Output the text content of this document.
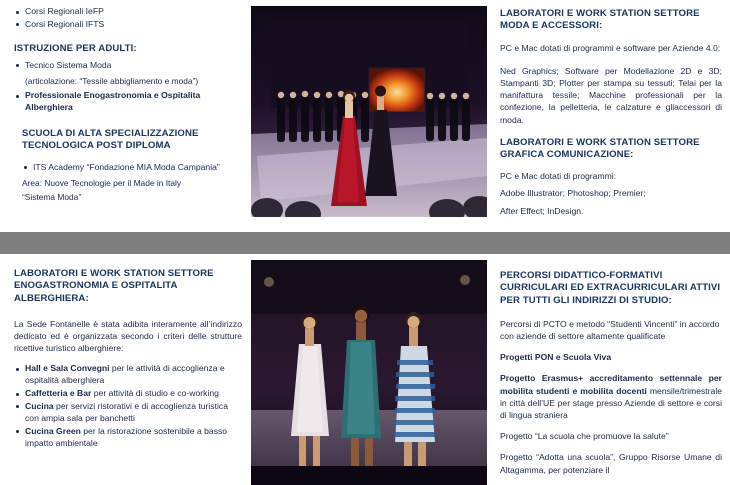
Corsi Regionali IeFP
Corsi Regionali IFTS
ISTRUZIONE PER ADULTI:
Tecnico Sistema Moda
(articolazione: “Tessile abbigliamento e moda”)
Professionale Enogastronomia e Ospitalita Alberghiera
SCUOLA DI ALTA SPECIALIZZAZIONE TECNOLOGICA POST DIPLOMA
ITS Academy “Fondazione MIA Moda Campania”
Area: Nuove Tecnologie per il Made in Italy
“Sistema Moda”
LABORATORI E WORK STATION SETTORE MODA E ACCESSORI:
PC e Mac dotati di programmi e software per Aziende 4.0:
Ned Graphics; Software per Modellazione 2D e 3D; Stampanti 3D; Plotter per stampa su tessuti; Telai per la manifattura tessile; Macchine professionali per la confezione, la pelletteria, le calzature e gliaccessori di moda.
LABORATORI E WORK STATION SETTORE GRAFICA COMUNICAZIONE:
PC e Mac dotati di programmi:
Adobe Illustrator; Photoshop; Premier;
After Effect; InDesign.
LABORATORI E WORK STATION SETTORE ENOGASTRONOMIA E OSPITALITA ALBERGHIERA:
La Sede Fontanelle è stata adibita interamente all’indirizzo dedicato ed è organizzata secondo i criteri delle strutture ricettive turistico alberghiere:
Hall e Sala Convegni per le attività di accoglienza e ospitalità alberghiera
Caffetteria e Bar per attività di studio e co-working
Cucina per servizi ristorativi e di accoglienza turistica con ampia sala per banchetti
Cucina Green per la ristorazione sostenibile a basso impatto ambientale
PERCORSI DIDATTICO-FORMATIVI CURRICULARI ED EXTRACURRICULARI ATTIVI PER TUTTI GLI INDIRIZZI DI STUDIO:
Percorsi di PCTO e metodo “Studenti Vincenti” in accordo con aziende di settore altamente qualificate
Progetti PON e Scuola Viva
Progetto Erasmus+ accreditamento settennale per mobilita studenti e mobilita docenti mensile/trimestrale in città dell’UE per stage presso Aziende di settore e corsi di lingua straniera
Progetto “La scuola che promuove la salute”
Progetto “Adotta una scuola”, Gruppo Risorse Umane di Altagamma, per potenziare il
